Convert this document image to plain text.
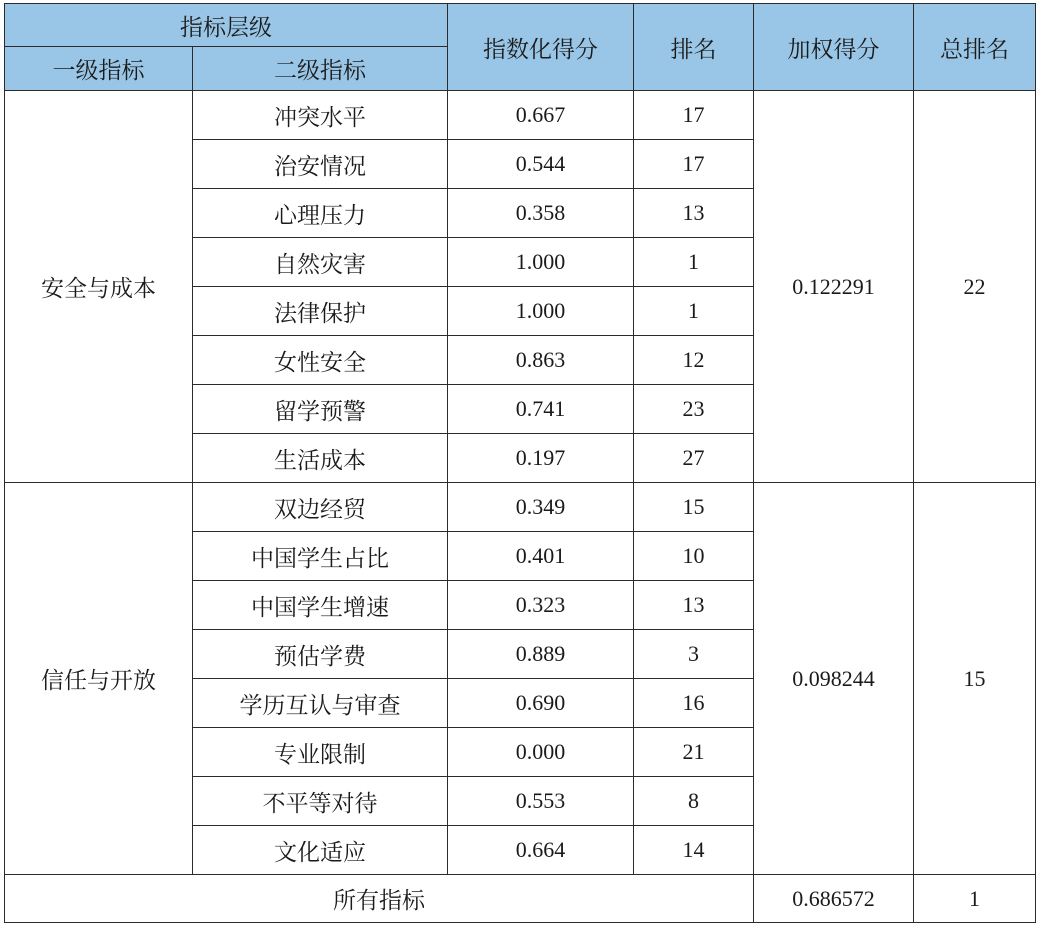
指标层级		指数化得分	排名	加权得分	总排名
一级指标	二级指标				
安全与成本	冲突水平	0.667	17	0.122291	22
	治安情况	0.544	17		
	心理压力	0.358	13		
	自然灾害	1.000	1		
	法律保护	1.000	1		
	女性安全	0.863	12		
	留学预警	0.741	23		
	生活成本	0.197	27		
信任与开放	双边经贸	0.349	15	0.098244	15
	中国学生占比	0.401	10		
	中国学生增速	0.323	13		
	预估学费	0.889	3		
	学历互认与审查	0.690	16		
	专业限制	0.000	21		
	不平等对待	0.553	8		
	文化适应	0.664	14		
所有指标				0.686572	1
